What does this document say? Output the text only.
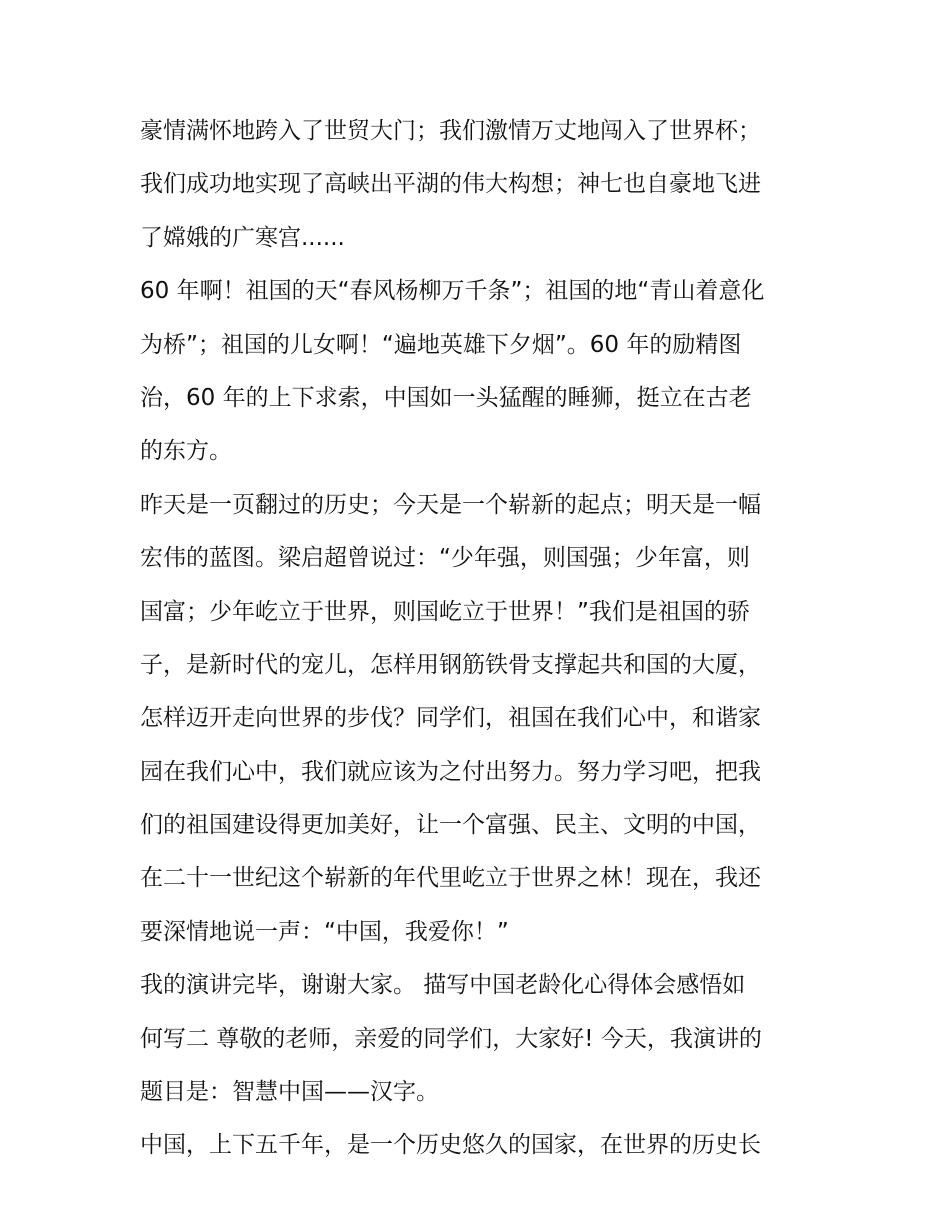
豪情满怀地跨入了世贸大门；我们激情万丈地闯入了世界杯；
我们成功地实现了高峡出平湖的伟大构想；神七也自豪地飞进
了嫦娥的广寒宫......
60 年啊！祖国的天“春风杨柳万千条”；祖国的地“青山着意化
为桥”；祖国的儿女啊！“遍地英雄下夕烟”。60 年的励精图
治，60 年的上下求索，中国如一头猛醒的睡狮，挺立在古老
的东方。
昨天是一页翻过的历史；今天是一个崭新的起点；明天是一幅
宏伟的蓝图。梁启超曾说过：“少年强，则国强；少年富，则
国富；少年屹立于世界，则国屹立于世界！”我们是祖国的骄
子，是新时代的宠儿，怎样用钢筋铁骨支撑起共和国的大厦，
怎样迈开走向世界的步伐？同学们，祖国在我们心中，和谐家
园在我们心中，我们就应该为之付出努力。努力学习吧，把我
们的祖国建设得更加美好，让一个富强、民主、文明的中国，
在二十一世纪这个崭新的年代里屹立于世界之林！现在，我还
要深情地说一声：“中国，我爱你！”
我的演讲完毕，谢谢大家。 描写中国老龄化心得体会感悟如
何写二 尊敬的老师，亲爱的同学们，大家好! 今天，我演讲的
题目是：智慧中国——汉字。
中国，上下五千年，是一个历史悠久的国家，在世界的历史长
